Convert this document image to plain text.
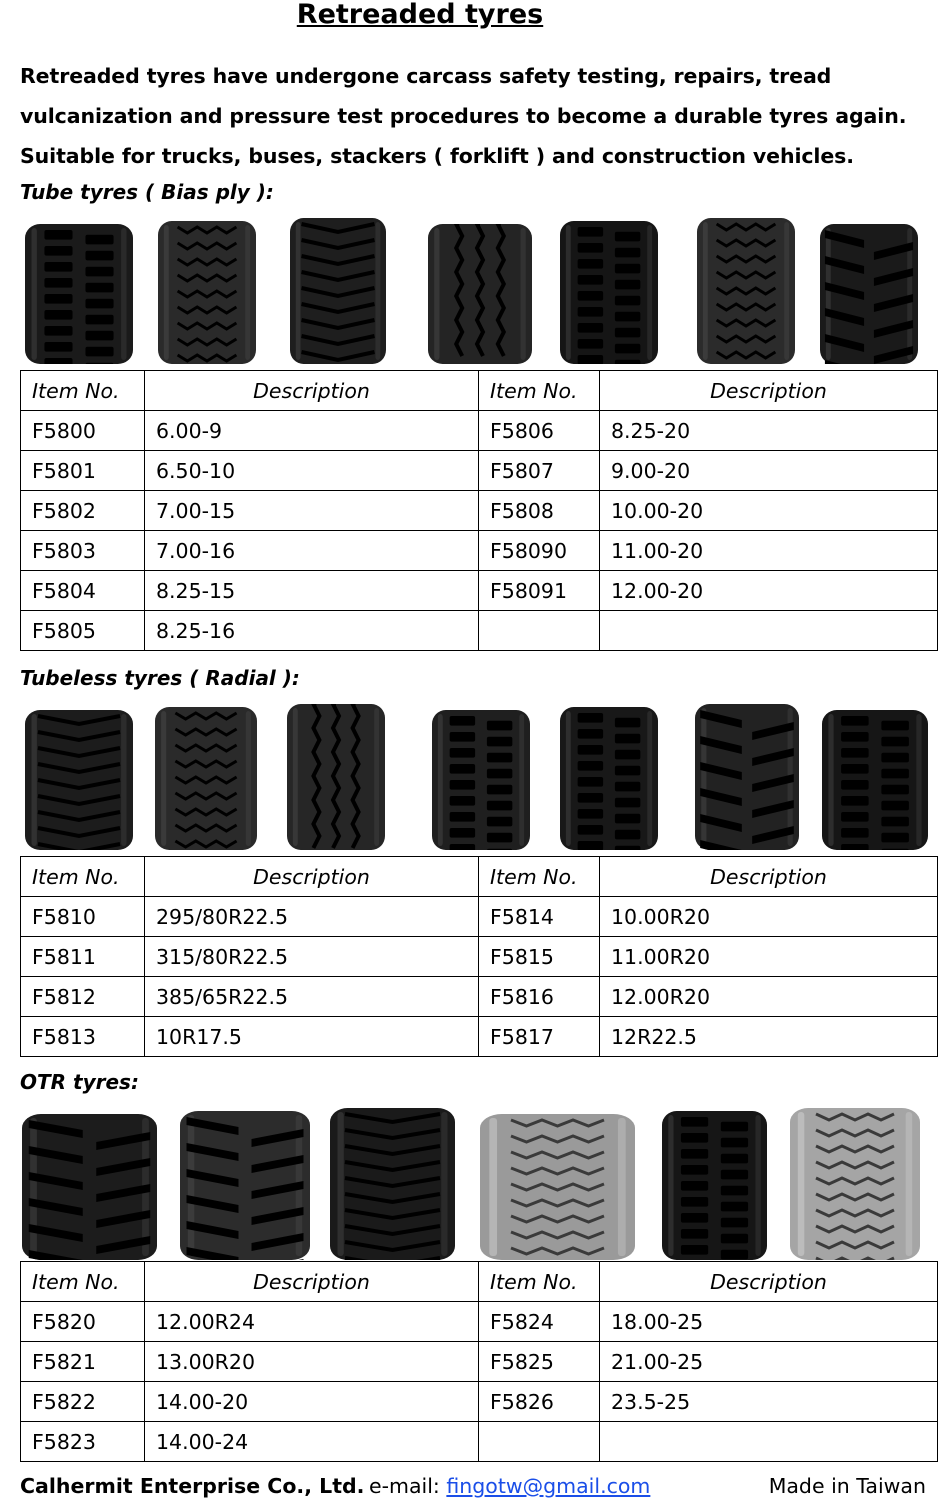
Retreaded tyres
Retreaded tyres have undergone carcass safety testing, repairs, tread vulcanization and pressure test procedures to become a durable tyres again. Suitable for trucks, buses, stackers ( forklift ) and construction vehicles.
Tube tyres ( Bias ply ):
Item No.	Description	Item No.	Description
F5800	6.00-9	F5806	8.25-20
F5801	6.50-10	F5807	9.00-20
F5802	7.00-15	F5808	10.00-20
F5803	7.00-16	F58090	11.00-20
F5804	8.25-15	F58091	12.00-20
F5805	8.25-16		
Tubeless tyres ( Radial ):
Item No.	Description	Item No.	Description
F5810	295/80R22.5	F5814	10.00R20
F5811	315/80R22.5	F5815	11.00R20
F5812	385/65R22.5	F5816	12.00R20
F5813	10R17.5	F5817	12R22.5
OTR tyres:
Item No.	Description	Item No.	Description
F5820	12.00R24	F5824	18.00-25
F5821	13.00R20	F5825	21.00-25
F5822	14.00-20	F5826	23.5-25
F5823	14.00-24		
Calhermit Enterprise Co., Ltd. e-mail: fingotw@gmail.com	Made in Taiwan
